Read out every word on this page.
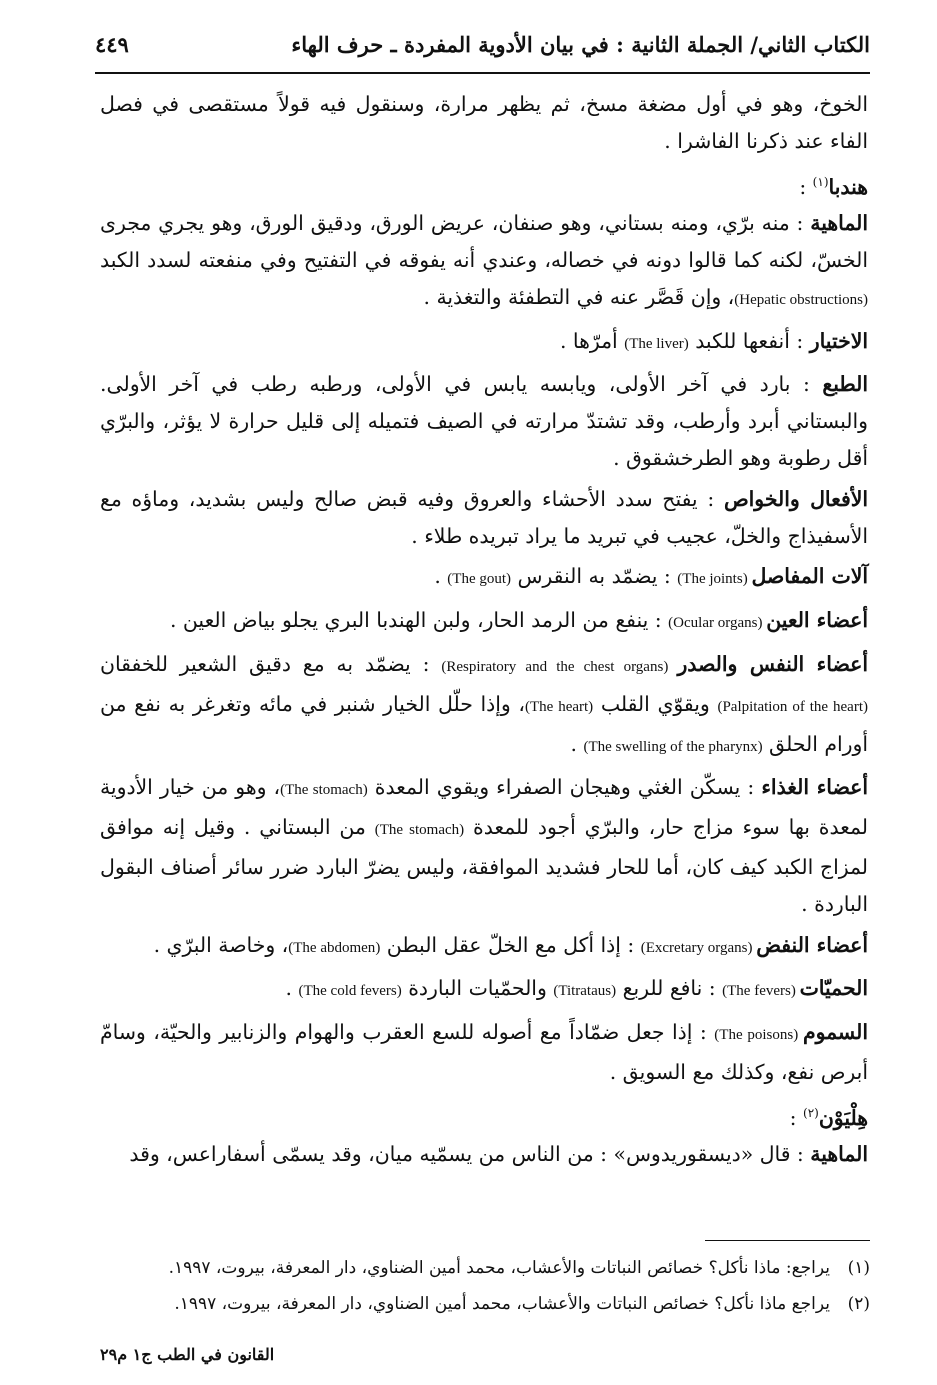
الكتاب الثاني/ الجملة الثانية : في بيان الأدوية المفردة ـ حرف الهاء
٤٤٩

الخوخ، وهو في أول مضغة مسخ، ثم يظهر مرارة، وسنقول فيه قولاً مستقصى في فصل الفاء عند ذكرنا الفاشرا .

هندبا$^{(١)}$ :

الماهية : منه برّي، ومنه بستاني، وهو صنفان، عريض الورق، ودقيق الورق، وهو يجري مجرى الخسّ، لكنه كما قالوا دونه في خصاله، وعندي أنه يفوقه في التفتيح وفي منفعته لسدد الكبد (Hepatic obstructions)، وإن قَصَّر عنه في التطفئة والتغذية .

الاختيار : أنفعها للكبد (The liver) أمرّها .

الطبع : بارد في آخر الأولى، ويابسه يابس في الأولى، ورطبه رطب في آخر الأولى. والبستاني أبرد وأرطب، وقد تشتدّ مرارته في الصيف فتميله إلى قليل حرارة لا يؤثر، والبرّي أقل رطوبة وهو الطرخشقوق .

الأفعال والخواص : يفتح سدد الأحشاء والعروق وفيه قبض صالح وليس بشديد، وماؤه مع الأسفيذاج والخلّ، عجيب في تبريد ما يراد تبريده طلاء .

آلات المفاصل (The joints) : يضمّد به النقرس (The gout) .

أعضاء العين (Ocular organs) : ينفع من الرمد الحار، ولبن الهندبا البري يجلو بياض العين .

أعضاء النفس والصدر (Respiratory and the chest organs) : يضمّد به مع دقيق الشعير للخفقان (Palpitation of the heart) ويقوّي القلب (The heart)، وإذا حلّل الخيار شنبر في مائه وتغرغر به نفع من أورام الحلق (The swelling of the pharynx) .

أعضاء الغذاء : يسكّن الغثي وهيجان الصفراء ويقوي المعدة (The stomach)، وهو من خيار الأدوية لمعدة بها سوء مزاج حار، والبرّي أجود للمعدة (The stomach) من البستاني . وقيل إنه موافق لمزاج الكبد كيف كان، أما للحار فشديد الموافقة، وليس يضرّ البارد ضرر سائر أصناف البقول الباردة .

أعضاء النفض (Excretary organs) : إذا أكل مع الخلّ عقل البطن (The abdomen)، وخاصة البرّي .

الحميّات (The fevers) : نافع للربع (Titrataus) والحمّيات الباردة (The cold fevers) .

السموم (The poisons) : إذا جعل ضمّاداً مع أصوله للسع العقرب والهوام والزنابير والحيّة، وسامّ أبرص نفع، وكذلك مع السويق .

هِلْيَوْن$^{(٢)}$ :

الماهية : قال «ديسقوريدوس» : من الناس من يسمّيه ميان، وقد يسمّى أسفاراعس، وقد

(١)
يراجع: ماذا نأكل؟ خصائص النباتات والأعشاب، محمد أمين الضناوي، دار المعرفة، بيروت، ١٩٩٧.
(٢)
يراجع ماذا نأكل؟ خصائص النباتات والأعشاب، محمد أمين الضناوي، دار المعرفة، بيروت، ١٩٩٧.
القانون في الطب ج١ م٢٩
